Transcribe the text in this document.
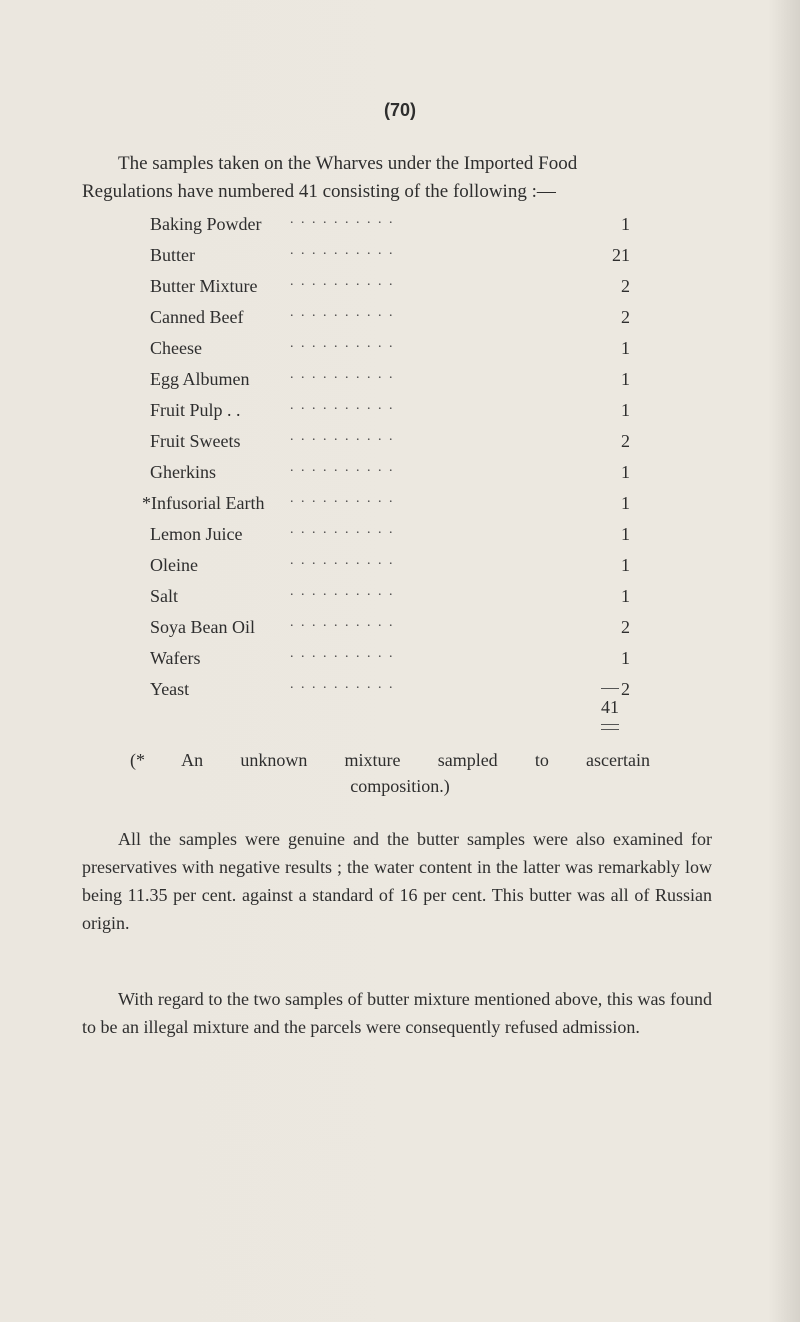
(70)
The samples taken on the Wharves under the Imported Food
Regulations have numbered 41 consisting of the following :—
Baking Powder . . . . . . . . . .	1
Butter	. . . . . . . . . .	21
Butter Mixture . . . . . . . . . .	2
Canned Beef	. . . . . . . . . .	2
Cheese	. . . . . . . . . .	1
Egg Albumen	. . . . . . . . . .	1
Fruit Pulp . .	. . . . . . . . . .	1
Fruit Sweets	. . . . . . . . . .	2
Gherkins	. . . . . . . . . .	1
*Infusorial Earth . . . . . . . . . .	1
Lemon Juice	. . . . . . . . . .	1
Oleine	. . . . . . . . . .	1
Salt	. . . . . . . . . .	1
Soya Bean Oil	. . . . . . . . . .	2
Wafers	. . . . . . . . . .	1
Yeast	. . . . . . . . . .	2
41
(* An unknown mixture sampled to ascertain
composition.)
All the samples were genuine and the butter samples were also examined for preservatives with negative results ; the water content in the latter was remarkably low being 11.35 per cent. against a standard of 16 per cent. This butter was all of Russian origin.
With regard to the two samples of butter mixture mentioned above, this was found to be an illegal mixture and the parcels were consequently refused admission.
